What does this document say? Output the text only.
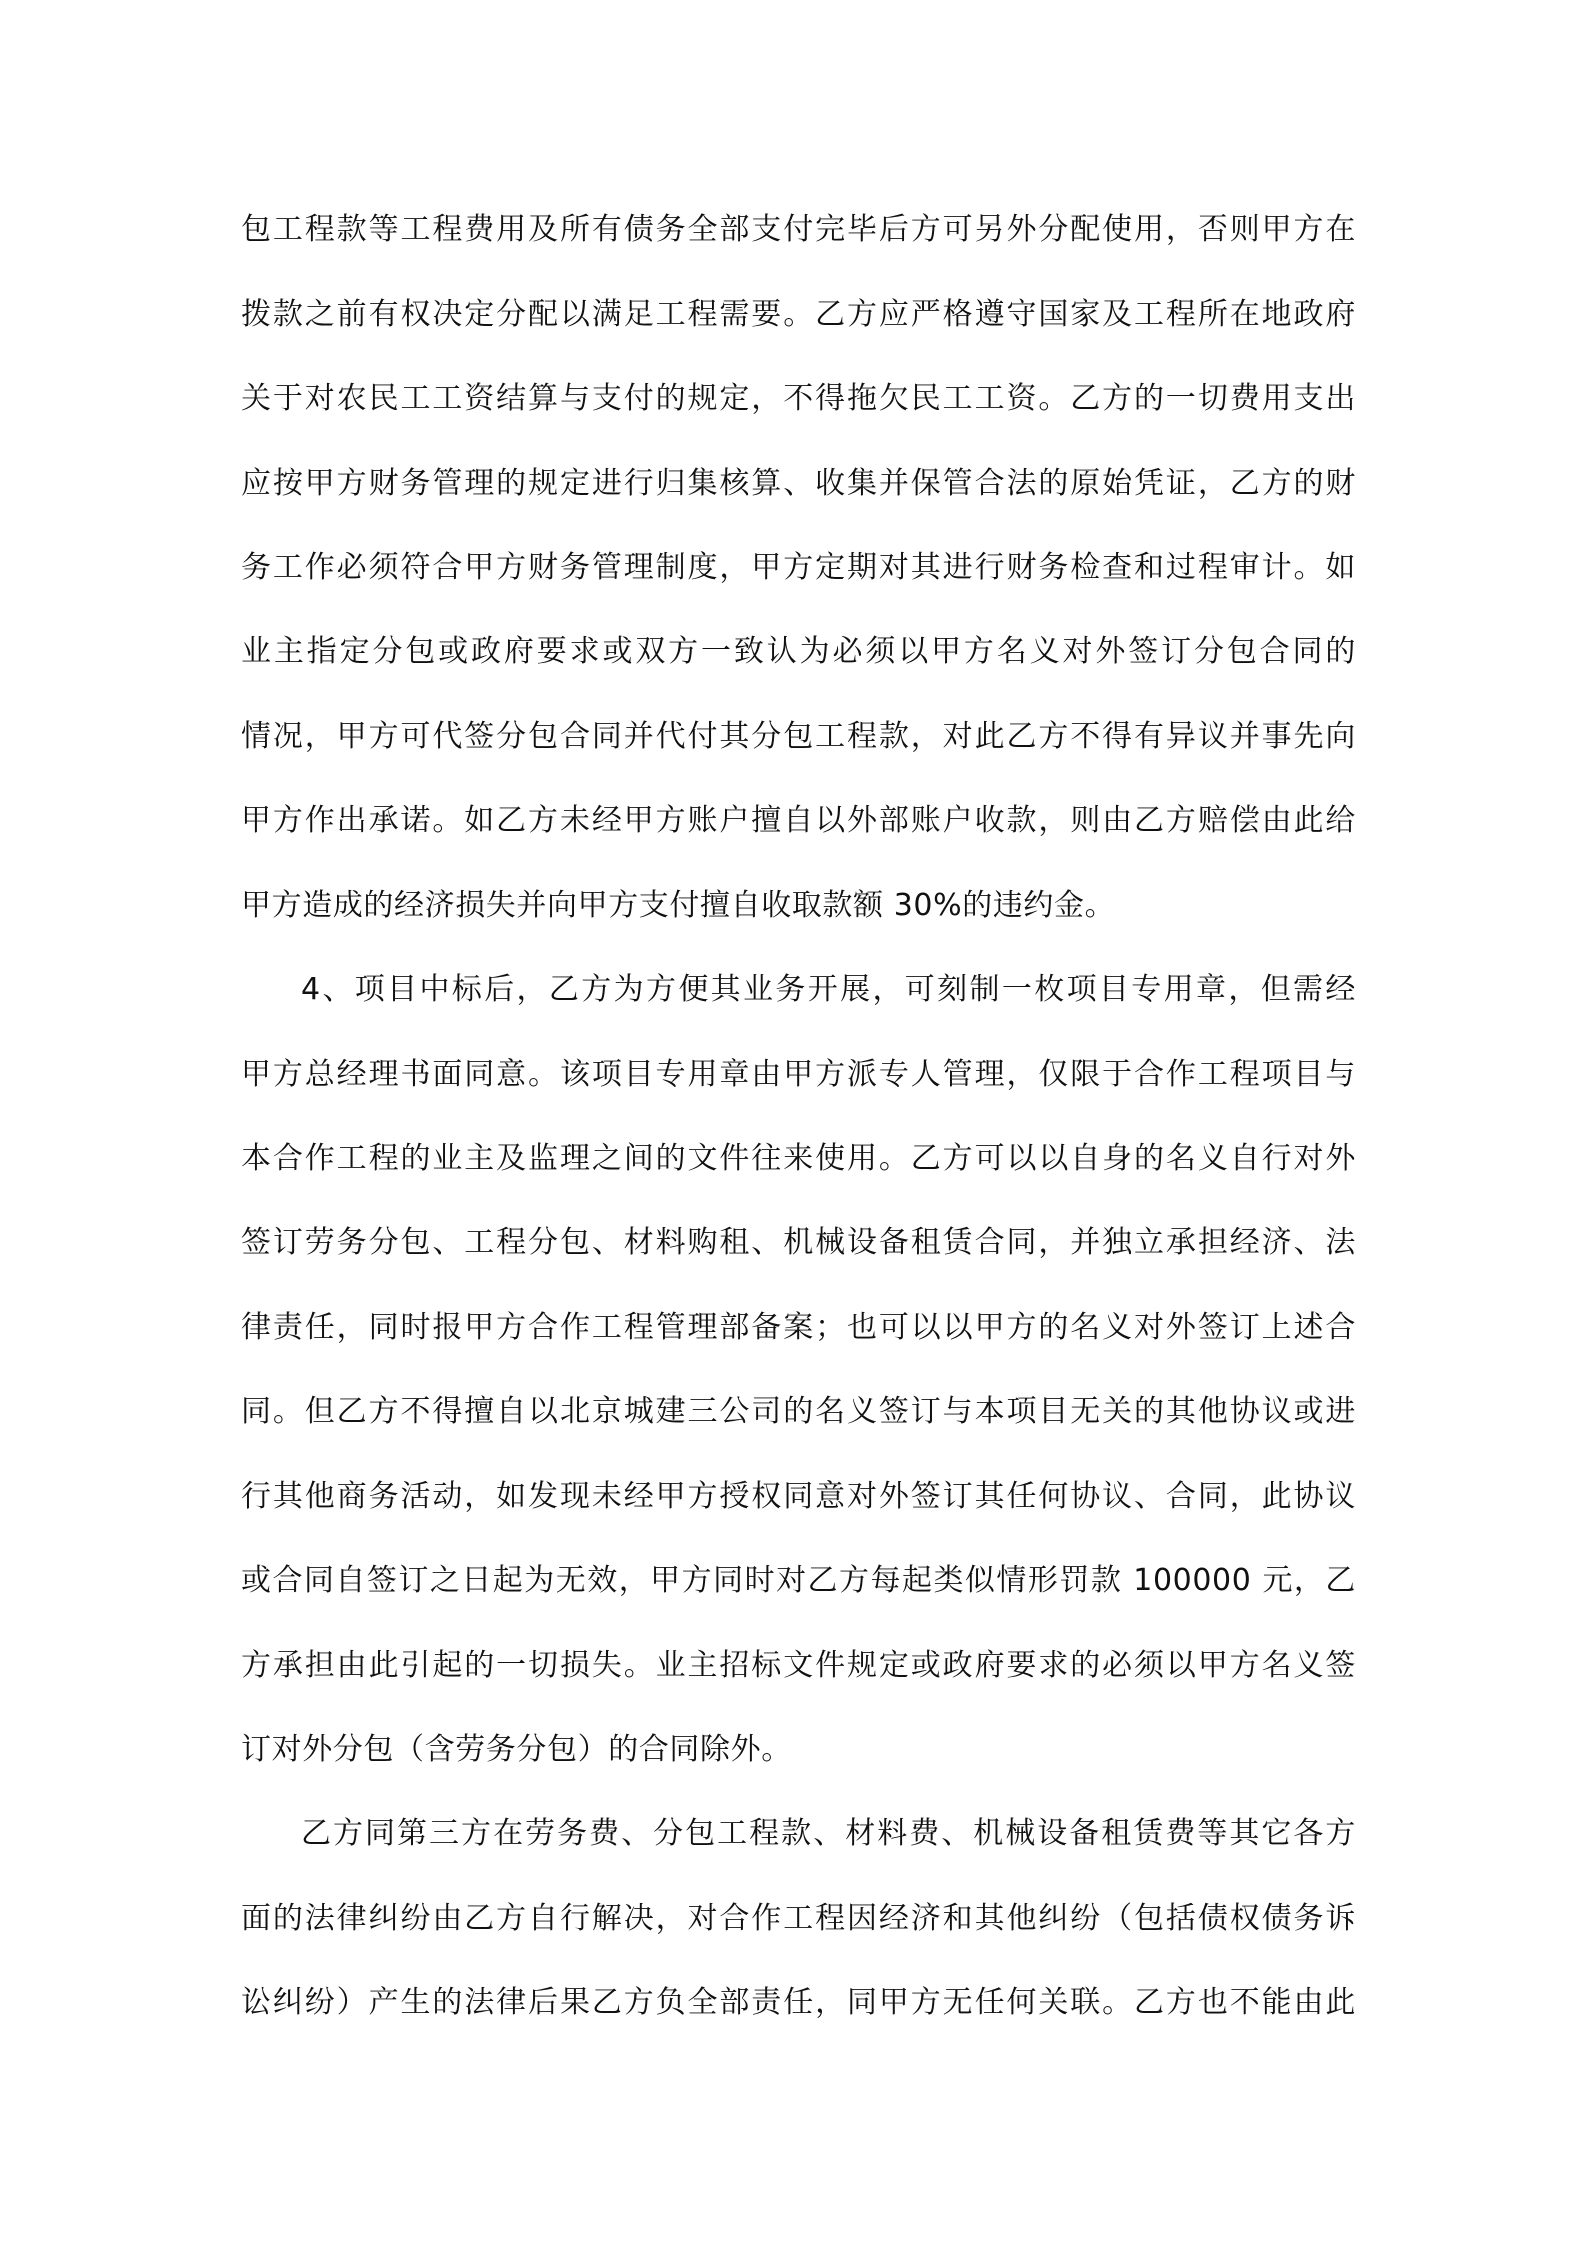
包工程款等工程费用及所有债务全部支付完毕后方可另外分配使用，否则甲方在
拨款之前有权决定分配以满足工程需要。乙方应严格遵守国家及工程所在地政府
关于对农民工工资结算与支付的规定，不得拖欠民工工资。乙方的一切费用支出
应按甲方财务管理的规定进行归集核算、收集并保管合法的原始凭证，乙方的财
务工作必须符合甲方财务管理制度，甲方定期对其进行财务检查和过程审计。如
业主指定分包或政府要求或双方一致认为必须以甲方名义对外签订分包合同的
情况，甲方可代签分包合同并代付其分包工程款，对此乙方不得有异议并事先向
甲方作出承诺。如乙方未经甲方账户擅自以外部账户收款，则由乙方赔偿由此给
甲方造成的经济损失并向甲方支付擅自收取款额 30%的违约金。
4、项目中标后，乙方为方便其业务开展，可刻制一枚项目专用章，但需经
甲方总经理书面同意。该项目专用章由甲方派专人管理，仅限于合作工程项目与
本合作工程的业主及监理之间的文件往来使用。乙方可以以自身的名义自行对外
签订劳务分包、工程分包、材料购租、机械设备租赁合同，并独立承担经济、法
律责任，同时报甲方合作工程管理部备案；也可以以甲方的名义对外签订上述合
同。但乙方不得擅自以北京城建三公司的名义签订与本项目无关的其他协议或进
行其他商务活动，如发现未经甲方授权同意对外签订其任何协议、合同，此协议
或合同自签订之日起为无效，甲方同时对乙方每起类似情形罚款 100000 元，乙
方承担由此引起的一切损失。业主招标文件规定或政府要求的必须以甲方名义签
订对外分包（含劳务分包）的合同除外。
乙方同第三方在劳务费、分包工程款、材料费、机械设备租赁费等其它各方
面的法律纠纷由乙方自行解决，对合作工程因经济和其他纠纷（包括债权债务诉
讼纠纷）产生的法律后果乙方负全部责任，同甲方无任何关联。乙方也不能由此
